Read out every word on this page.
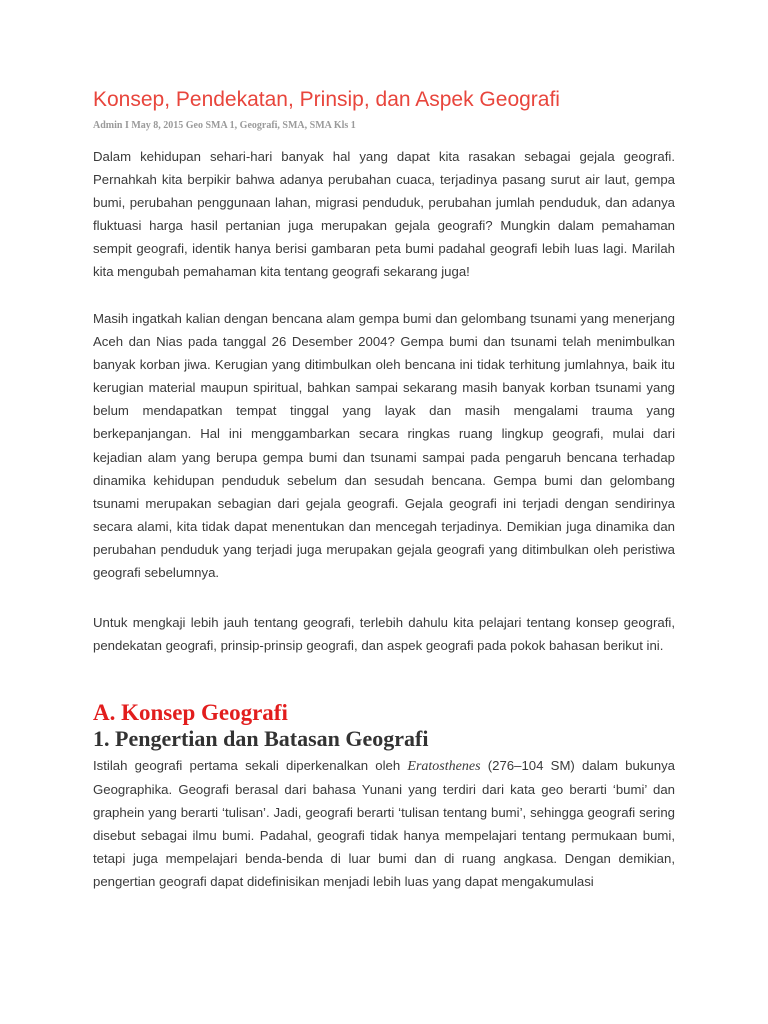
Konsep, Pendekatan, Prinsip, dan Aspek Geografi
Admin I May 8, 2015 Geo SMA 1, Geografi, SMA, SMA Kls 1

Dalam kehidupan sehari-hari banyak hal yang dapat kita rasakan sebagai gejala geografi. Pernahkah kita berpikir bahwa adanya perubahan cuaca, terjadinya pasang surut air laut, gempa bumi, perubahan penggunaan lahan, migrasi penduduk, perubahan jumlah penduduk, dan adanya fluktuasi harga hasil pertanian juga merupakan gejala geografi? Mungkin dalam pemahaman sempit geografi, identik hanya berisi gambaran peta bumi padahal geografi lebih luas lagi. Marilah kita mengubah pemahaman kita tentang geografi sekarang juga!

Masih ingatkah kalian dengan bencana alam gempa bumi dan gelombang tsunami yang menerjang Aceh dan Nias pada tanggal 26 Desember 2004? Gempa bumi dan tsunami telah menimbulkan banyak korban jiwa. Kerugian yang ditimbulkan oleh bencana ini tidak terhitung jumlahnya, baik itu kerugian material maupun spiritual, bahkan sampai sekarang masih banyak korban tsunami yang belum mendapatkan tempat tinggal yang layak dan masih mengalami trauma yang berkepanjangan. Hal ini menggambarkan secara ringkas ruang lingkup geografi, mulai dari kejadian alam yang berupa gempa bumi dan tsunami sampai pada pengaruh bencana terhadap dinamika kehidupan penduduk sebelum dan sesudah bencana. Gempa bumi dan gelombang tsunami merupakan sebagian dari gejala geografi. Gejala geografi ini terjadi dengan sendirinya secara alami, kita tidak dapat menentukan dan mencegah terjadinya. Demikian juga dinamika dan perubahan penduduk yang terjadi juga merupakan gejala geografi yang ditimbulkan oleh peristiwa geografi sebelumnya.

Untuk mengkaji lebih jauh tentang geografi, terlebih dahulu kita pelajari tentang konsep geografi, pendekatan geografi, prinsip-prinsip geografi, dan aspek geografi pada pokok bahasan berikut ini.

A. Konsep Geografi
1. Pengertian dan Batasan Geografi

Istilah geografi pertama sekali diperkenalkan oleh Eratosthenes (276–104 SM) dalam bukunya Geographika. Geografi berasal dari bahasa Yunani yang terdiri dari kata geo berarti ‘bumi’ dan graphein yang berarti ‘tulisan’. Jadi, geografi berarti ‘tulisan tentang bumi’, sehingga geografi sering disebut sebagai ilmu bumi. Padahal, geografi tidak hanya mempelajari tentang permukaan bumi, tetapi juga mempelajari benda-benda di luar bumi dan di ruang angkasa. Dengan demikian, pengertian geografi dapat didefinisikan menjadi lebih luas yang dapat mengakumulasi
